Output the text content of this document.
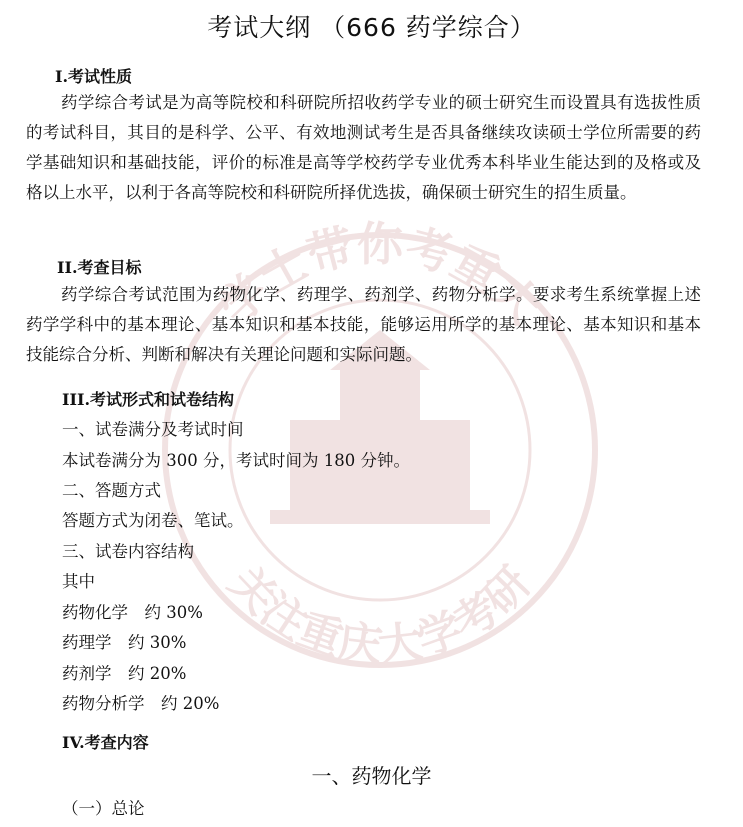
学士带你考重大
关注重庆大学考研
考试大纲 （666 药学综合）
I.考试性质
药学综合考试是为高等院校和科研院所招收药学专业的硕士研究生而设置具有选拔性质的考试科目，其目的是科学、公平、有效地测试考生是否具备继续攻读硕士学位所需要的药学基础知识和基础技能，评价的标准是高等学校药学专业优秀本科毕业生能达到的及格或及格以上水平，以利于各高等院校和科研院所择优选拔，确保硕士研究生的招生质量。
II.考查目标
药学综合考试范围为药物化学、药理学、药剂学、药物分析学。要求考生系统掌握上述药学学科中的基本理论、基本知识和基本技能，能够运用所学的基本理论、基本知识和基本技能综合分析、判断和解决有关理论问题和实际问题。
III.考试形式和试卷结构
一、试卷满分及考试时间
本试卷满分为 300 分，考试时间为 180 分钟。
二、答题方式
答题方式为闭卷、笔试。
三、试卷内容结构
其中
药物化学　约 30%
药理学　约 30%
药剂学　约 20%
药物分析学　约 20%
IV.考查内容
一、药物化学
（一）总论
